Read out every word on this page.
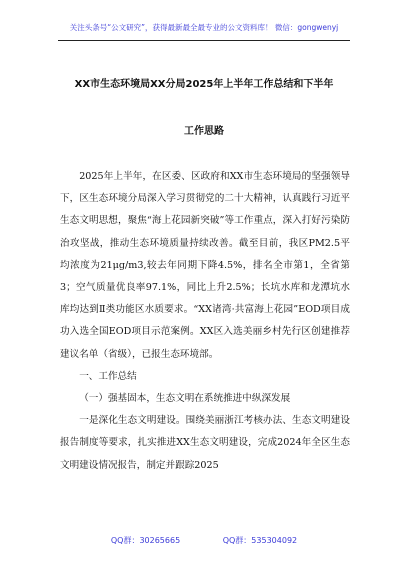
关注头条号“公文研究”，获得最新最全最专业的公文资料库！ 微信：gongwenyj
XX市生态环境局XX分局2025年上半年工作总结和下半年
工作思路

2025年上半年，在区委、区政府和XX市生态环境局的坚强领导下，区生态环境分局深入学习贯彻党的二十大精神，认真践行习近平生态文明思想，聚焦“海上花园新突破”等工作重点，深入打好污染防治攻坚战，推动生态环境质量持续改善。截至目前，我区PM2.5平均浓度为21μg/m3,较去年同期下降4.5%，排名全市第1，全省第3；空气质量优良率97.1%，同比上升2.5%；长坑水库和龙潭坑水库均达到Ⅱ类功能区水质要求。“XX诸湾·共富海上花园”EOD项目成功入选全国EOD项目示范案例。XX区入选美丽乡村先行区创建推荐建议名单（省级），已报生态环境部。

一、工作总结

（一）强基固本，生态文明在系统推进中纵深发展

一是深化生态文明建设。围绕美丽浙江考核办法、生态文明建设报告制度等要求，扎实推进XX生态文明建设，完成2024年全区生态文明建设情况报告，制定并跟踪2025

QQ群：30265665	QQ群：535304092
